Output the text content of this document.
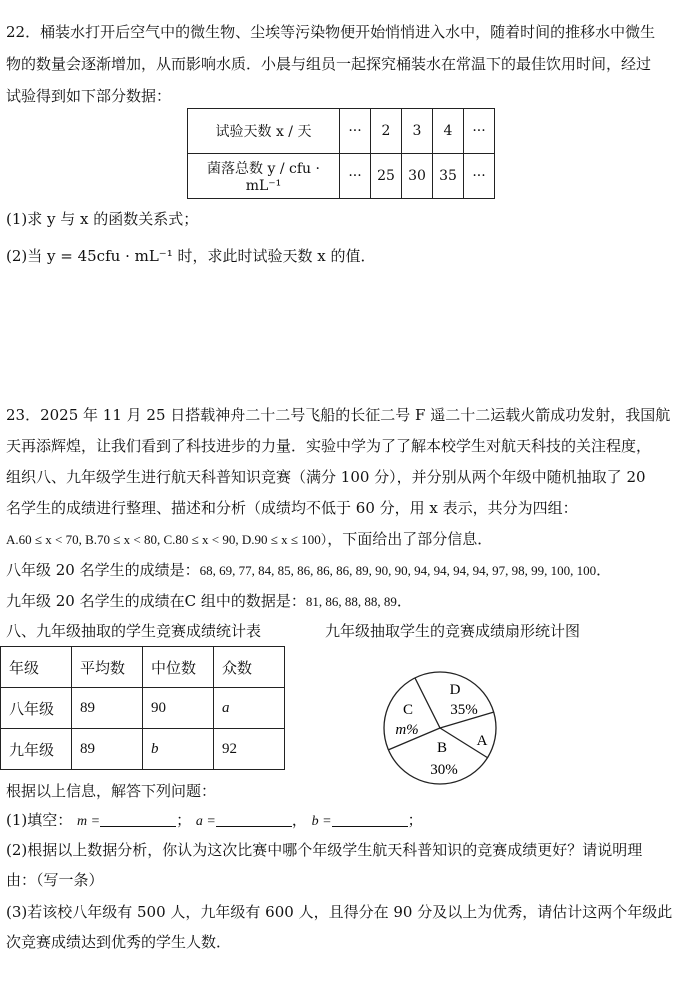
22．桶装水打开后空气中的微生物、尘埃等污染物便开始悄悄进入水中，随着时间的推移水中微生
物的数量会逐渐增加，从而影响水质．小晨与组员一起探究桶装水在常温下的最佳饮用时间，经过
试验得到如下部分数据：
试验天数 x / 天	···	2	3	4	···
菌落总数 y / cfu · mL⁻¹	···	25	30	35	···
(1)求 y 与 x 的函数关系式；
(2)当 y = 45cfu · mL⁻¹ 时，求此时试验天数 x 的值．
23．2025 年 11 月 25 日搭载神舟二十二号飞船的长征二号 F 遥二十二运载火箭成功发射，我国航
天再添辉煌，让我们看到了科技进步的力量．实验中学为了了解本校学生对航天科技的关注程度，
组织八、九年级学生进行航天科普知识竞赛（满分 100 分），并分别从两个年级中随机抽取了 20
名学生的成绩进行整理、描述和分析（成绩均不低于 60 分，用 x 表示，共分为四组：
A.60 ≤ x < 70, B.70 ≤ x < 80, C.80 ≤ x < 90, D.90 ≤ x ≤ 100），下面给出了部分信息．
八年级 20 名学生的成绩是：68, 69, 77, 84, 85, 86, 86, 86, 89, 90, 90, 94, 94, 94, 94, 97, 98, 99, 100, 100．
九年级 20 名学生的成绩在C 组中的数据是：81, 86, 88, 88, 89．
八、九年级抽取的学生竞赛成绩统计表	九年级抽取学生的竞赛成绩扇形统计图
年级	平均数	中位数	众数
八年级	89	90	a
九年级	89	b	92
D
35%
C
m%
B
30%
A
根据以上信息，解答下列问题：
(1)填空： m =	； a =	， b =	；
(2)根据以上数据分析，你认为这次比赛中哪个年级学生航天科普知识的竞赛成绩更好？请说明理
由：（写一条）
(3)若该校八年级有 500 人，九年级有 600 人，且得分在 90 分及以上为优秀，请估计这两个年级此
次竞赛成绩达到优秀的学生人数．
